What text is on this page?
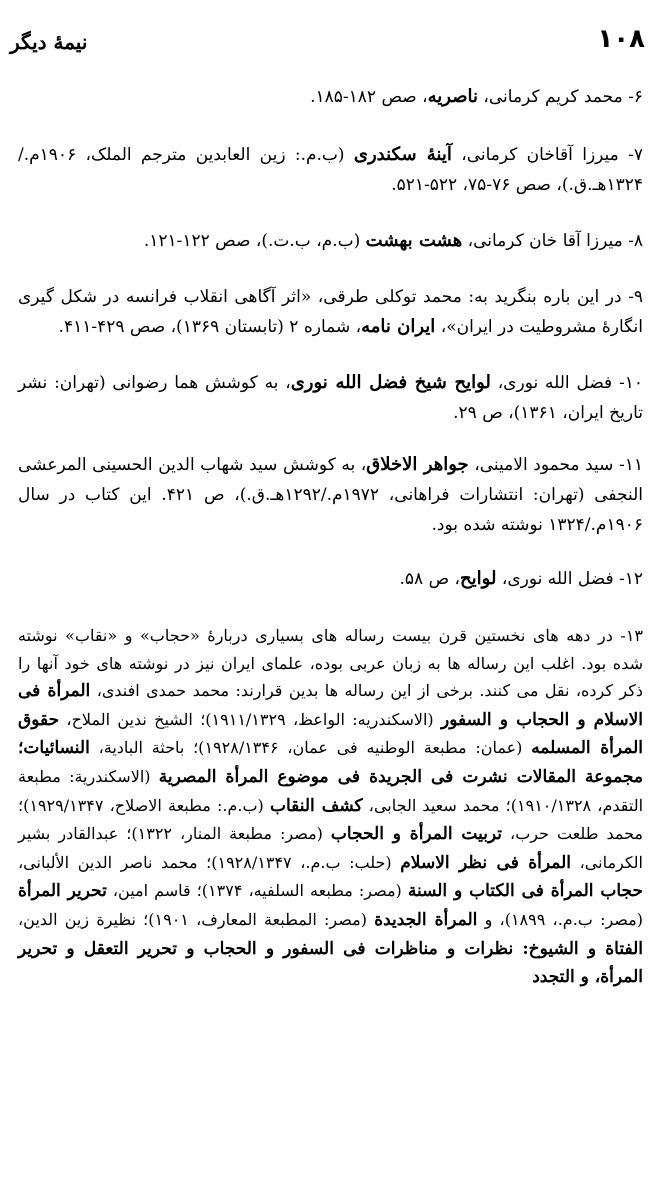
۱۰۸
نیمهٔ دیگر

۶- محمد کریم کرمانی، ناصریه، صص ۱۸۲-۱۸۵.

۷- میرزا آقاخان کرمانی، آینهٔ سکندری (ب.م.: زین العابدین مترجم الملک، ۱۹۰۶م./۱۳۲۴هـ.ق.)، صص ۷۶-۷۵، ۵۲۲-۵۲۱.

۸- میرزا آقا خان کرمانی، هشت بهشت (ب.م، ب.ت.)، صص ۱۲۲-۱۲۱.

۹- در این باره بنگرید به: محمد توکلی طرقی، «اثر آگاهی انقلاب فرانسه در شکل گیری انگارهٔ مشروطیت در ایران»، ایران نامه، شماره ۲ (تابستان ۱۳۶۹)، صص ۴۲۹-۴۱۱.

۱۰- فضل الله نوری، لوایح شیخ فضل الله نوری، به کوشش هما رضوانی (تهران: نشر تاریخ ایران، ۱۳۶۱)، ص ۲۹.

۱۱- سید محمود الامینی، جواهر الاخلاق، به کوشش سید شهاب الدین الحسینی المرعشی النجفی (تهران: انتشارات فراهانی، ۱۹۷۲م./۱۲۹۲هـ.ق.)، ص ۴۲۱. این کتاب در سال ۱۹۰۶م./۱۳۲۴ نوشته شده بود.

۱۲- فضل الله نوری، لوایح، ص ۵۸.

۱۳- در دهه های نخستین قرن بیست رساله های بسیاری دربارهٔ «حجاب» و «نقاب» نوشته شده بود. اغلب این رساله ها به زبان عربی بوده، علمای ایران نیز در نوشته های خود آنها را ذکر کرده، نقل می کنند. برخی از این رساله ها بدین قرارند: محمد حمدی افندی، المرأة فی الاسلام و الحجاب و السفور (الاسکندریه: الواعظ، ۱۹۱۱/۱۳۲۹)؛ الشیخ ندین الملاح، حقوق المرأة المسلمه (عمان: مطبعة الوطنیه فی عمان، ۱۹۲۸/۱۳۴۶)؛ باحثة البادیة، النسائیات؛ مجموعة المقالات نشرت فی الجریدة فی موضوع المرأة المصریة (الاسکندریة: مطبعة التقدم، ۱۹۱۰/۱۳۲۸)؛ محمد سعید الجابی، کشف النقاب (ب.م.: مطبعة الاصلاح، ۱۹۲۹/۱۳۴۷)؛ محمد طلعت حرب، تربیت المرأة و الحجاب (مصر: مطبعة المنار، ۱۳۲۲)؛ عبدالقادر بشیر الکرمانی، المرأة فی نظر الاسلام (حلب: ب.م.، ۱۹۲۸/۱۳۴۷)؛ محمد ناصر الدین الألبانی، حجاب المرأة فی الکتاب و السنة (مصر: مطبعه السلفیه، ۱۳۷۴)؛ قاسم امین، تحریر المرأة (مصر: ب.م.، ۱۸۹۹)، و المرأة الجدیدة (مصر: المطبعة المعارف، ۱۹۰۱)؛ نظیرة زین الدین، الفتاة و الشیوخ: نظرات و مناظرات فی السفور و الحجاب و تحریر التعقل و تحریر المرأة، و التجدد
